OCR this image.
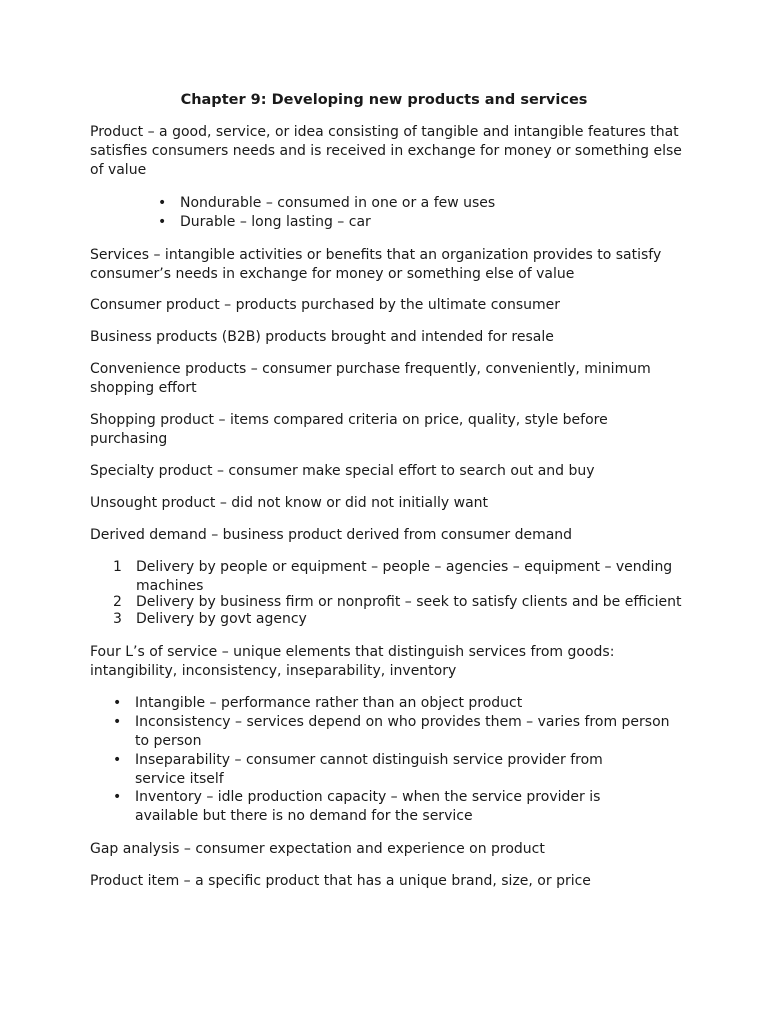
Chapter 9: Developing new products and services

Product – a good, service, or idea consisting of tangible and intangible features that satisfies consumers needs and is received in exchange for money or something else of value

• Nondurable – consumed in one or a few uses
• Durable – long lasting – car

Services – intangible activities or benefits that an organization provides to satisfy consumer’s needs in exchange for money or something else of value

Consumer product – products purchased by the ultimate consumer

Business products (B2B) products brought and intended for resale

Convenience products – consumer purchase frequently, conveniently, minimum shopping effort

Shopping product – items compared criteria on price, quality, style before purchasing

Specialty product – consumer make special effort to search out and buy

Unsought product – did not know or did not initially want

Derived demand – business product derived from consumer demand

1 Delivery by people or equipment – people – agencies – equipment – vending machines
2 Delivery by business firm or nonprofit – seek to satisfy clients and be efficient
3 Delivery by govt agency

Four L’s of service – unique elements that distinguish services from goods: intangibility, inconsistency, inseparability, inventory

• Intangible – performance rather than an object product
• Inconsistency – services depend on who provides them – varies from person to person
• Inseparability – consumer cannot distinguish service provider from service itself
• Inventory – idle production capacity – when the service provider is available but there is no demand for the service

Gap analysis – consumer expectation and experience on product

Product item – a specific product that has a unique brand, size, or price
